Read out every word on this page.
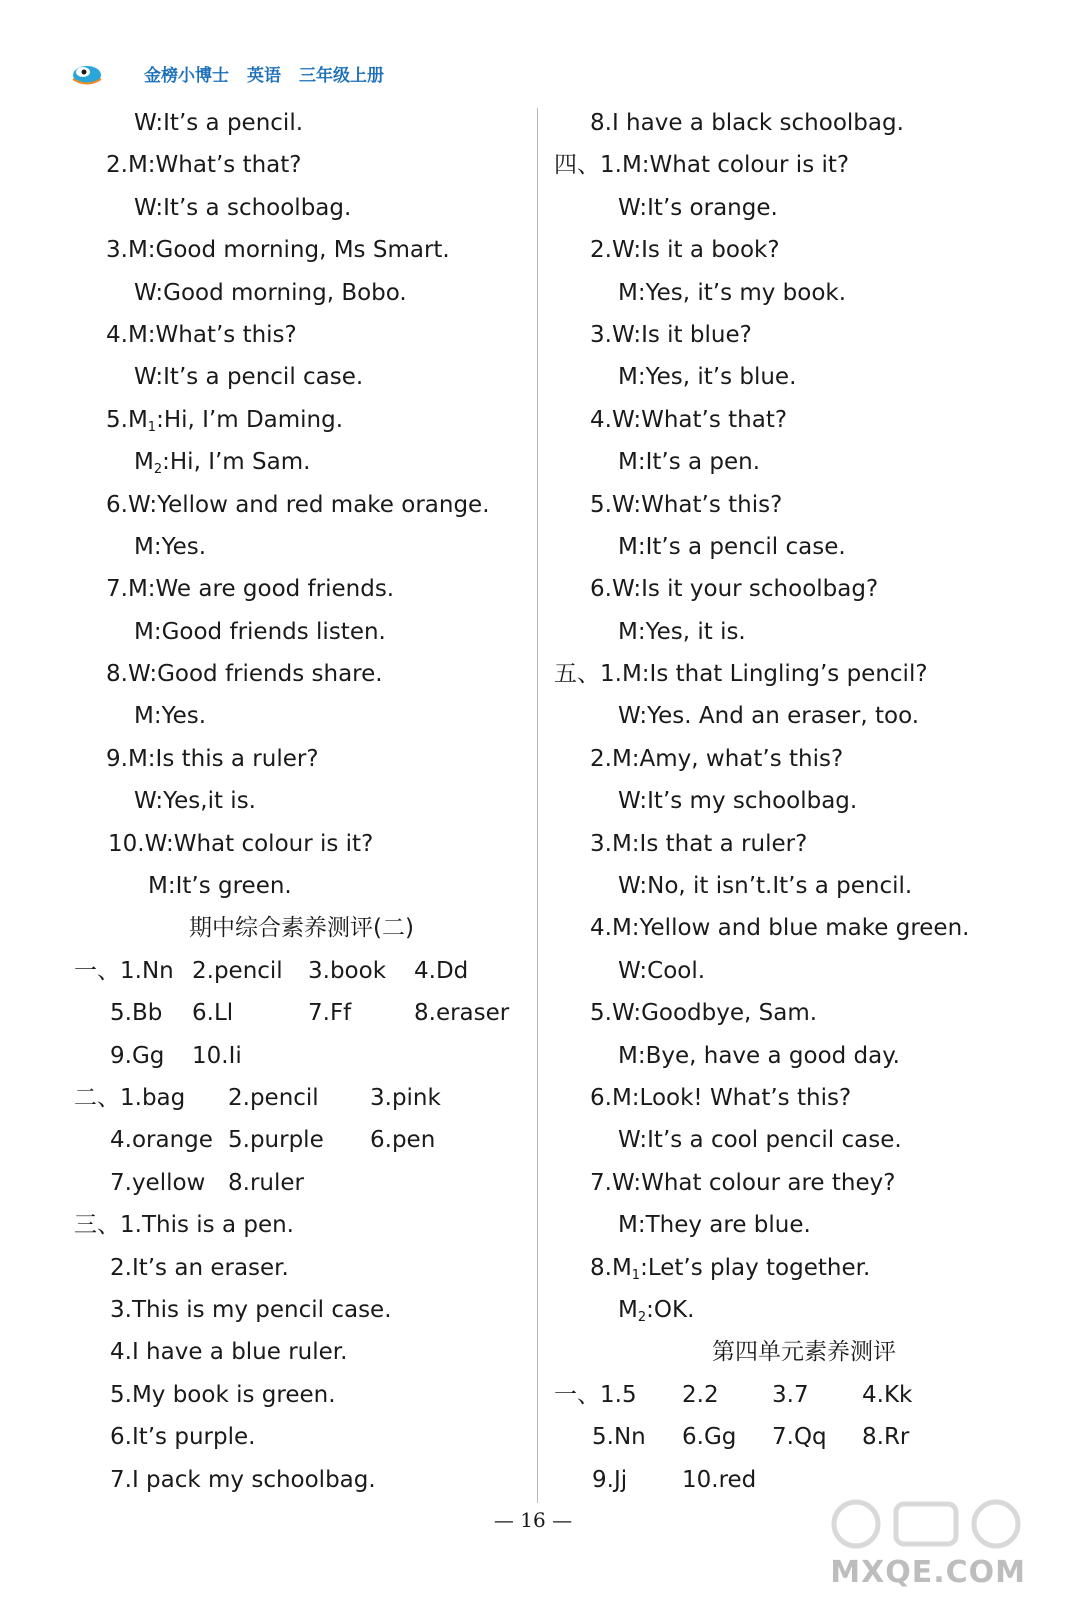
金榜小博士 英语 三年级上册
W:It’s a pencil.
2.M:What’s that?
W:It’s a schoolbag.
3.M:Good morning, Ms Smart.
W:Good morning, Bobo.
4.M:What’s this?
W:It’s a pencil case.
$5.M_1:Hi$, I’m Daming.
$M_2:Hi$, I’m Sam.
6.W:Yellow and red make orange.
M:Yes.
7.M:We are good friends.
M:Good friends listen.
8.W:Good friends share.
M:Yes.
9.M:Is this a ruler?
W:Yes,it is.
10.W:What colour is it?
M:It’s green.
期中综合素养测评(二)
一、1.Nn 2.pencil 3.book 4.Dd
5.Bb 6.Ll	7.Ff	8.eraser
9.Gg 10.Ii
二、1.bag 2.pencil 3.pink
4.orange 5.purple 6.pen
7.yellow 8.ruler
三、1.This is a pen.
2.It’s an eraser.
3.This is my pencil case.
4.I have a blue ruler.
5.My book is green.
6.It’s purple.
7.I pack my schoolbag.
8.I have a black schoolbag.
四、1.M:What colour is it?
W:It’s orange.
2.W:Is it a book?
M:Yes, it’s my book.
3.W:Is it blue?
M:Yes, it’s blue.
4.W:What’s that?
M:It’s a pen.
5.W:What’s this?
M:It’s a pencil case.
6.W:Is it your schoolbag?
M:Yes, it is.
五、1.M:Is that Lingling’s pencil?
W:Yes. And an eraser, too.
2.M:Amy, what’s this?
W:It’s my schoolbag.
3.M:Is that a ruler?
W:No, it isn’t.It’s a pencil.
4.M:Yellow and blue make green.
W:Cool.
5.W:Goodbye, Sam.
M:Bye, have a good day.
6.M:Look! What’s this?
W:It’s a cool pencil case.
7.W:What colour are they?
M:They are blue.
$8.M_1:Let’s$ play together.
$M_2:OK$.
第四单元素养测评
一、1.5 2.2 3.7 4.Kk
5.Nn 6.Gg 7.Qq 8.Rr
9.Jj 10.red
— 16 —
MXQE.COM
